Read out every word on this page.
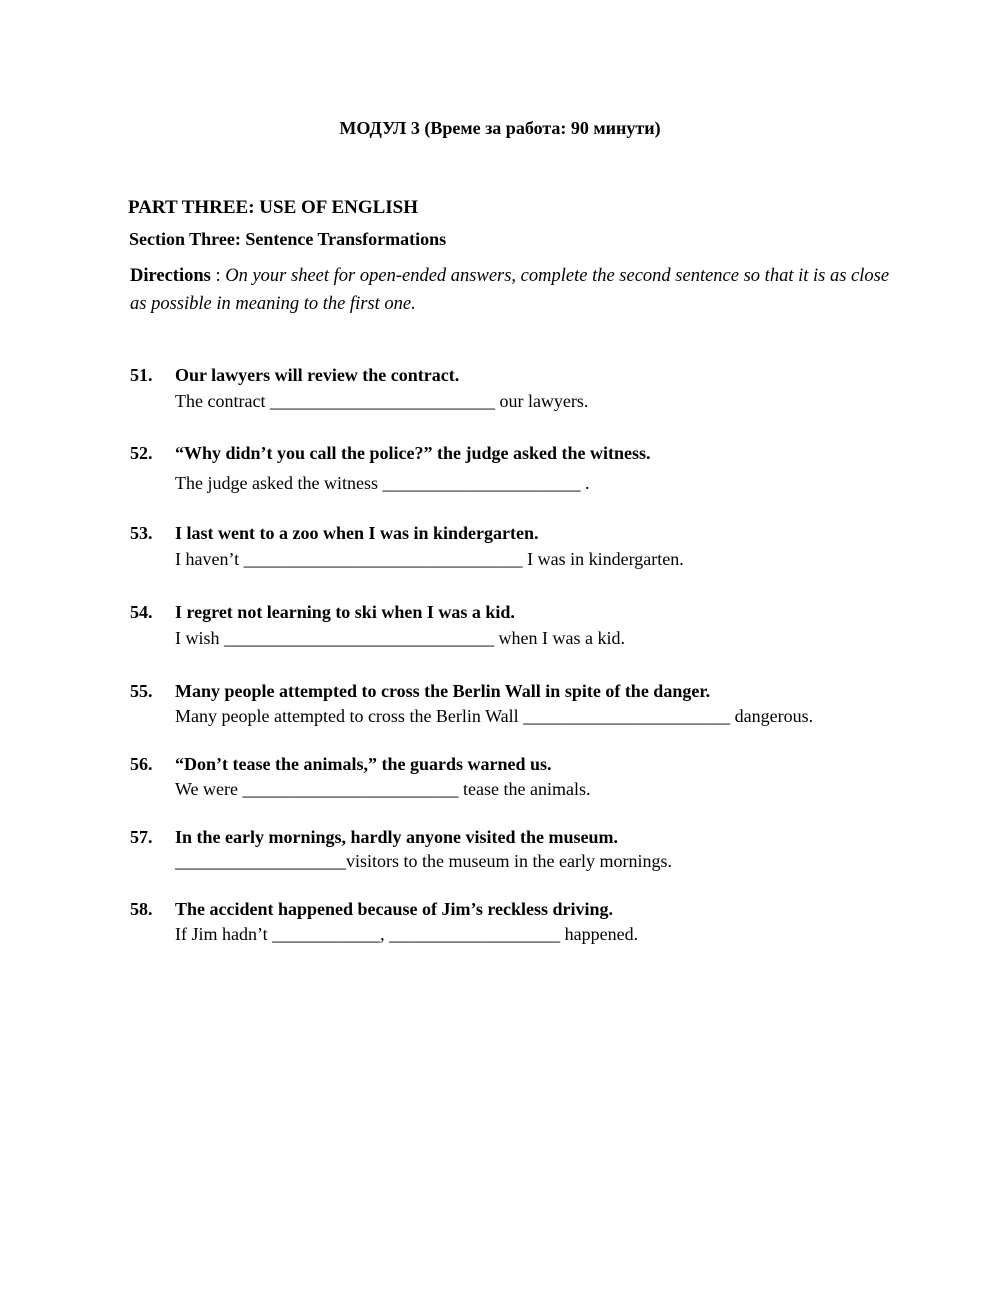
МОДУЛ 3 (Време за работа: 90 минути)
PART THREE: USE OF ENGLISH
Section Three: Sentence Transformations
Directions : On your sheet for open-ended answers, complete the second sentence so that it is as close as possible in meaning to the first one.
51. Our lawyers will review the contract.
The contract _________________________ our lawyers.
52. “Why didn’t you call the police?” the judge asked the witness.
The judge asked the witness ______________________ .
53. I last went to a zoo when I was in kindergarten.
I haven’t _______________________________ I was in kindergarten.
54. I regret not learning to ski when I was a kid.
I wish ______________________________ when I was a kid.
55. Many people attempted to cross the Berlin Wall in spite of the danger.
Many people attempted to cross the Berlin Wall _______________________ dangerous.
56. “Don’t tease the animals,” the guards warned us.
We were ________________________ tease the animals.
57. In the early mornings, hardly anyone visited the museum.
___________________visitors to the museum in the early mornings.
58. The accident happened because of Jim’s reckless driving.
If Jim hadn’t ____________, ___________________ happened.
